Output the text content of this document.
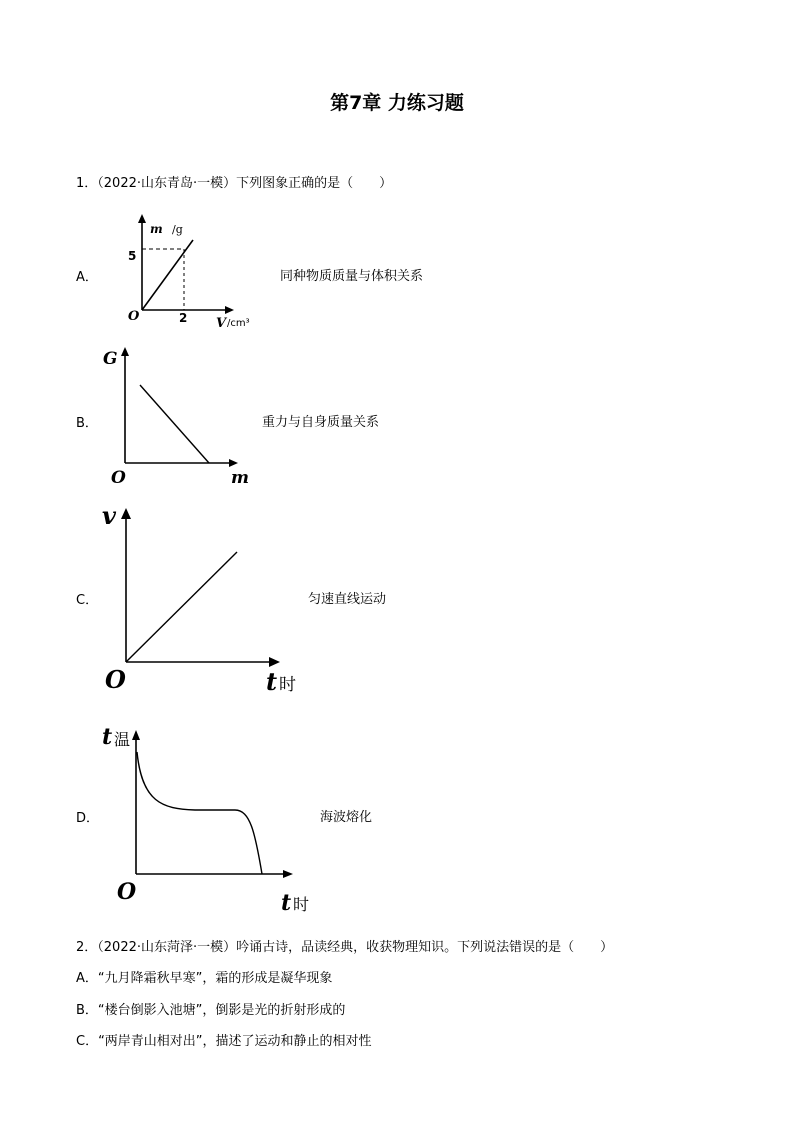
第7章 力练习题
1．（2022·山东青岛·一模）下列图象正确的是（　　）
A．	同种物质质量与体积关系
m /g
5
O	2 V /cm³
B．	重力与自身质量关系
G
O	m
C．	匀速直线运动
v
O	t 时
D．	海波熔化
t 温
O	t 时
2．（2022·山东菏泽·一模）吟诵古诗，品读经典，收获物理知识。下列说法错误的是（　　）
A．“九月降霜秋早寒”，霜的形成是凝华现象
B．“楼台倒影入池塘”，倒影是光的折射形成的
C．“两岸青山相对出”，描述了运动和静止的相对性
